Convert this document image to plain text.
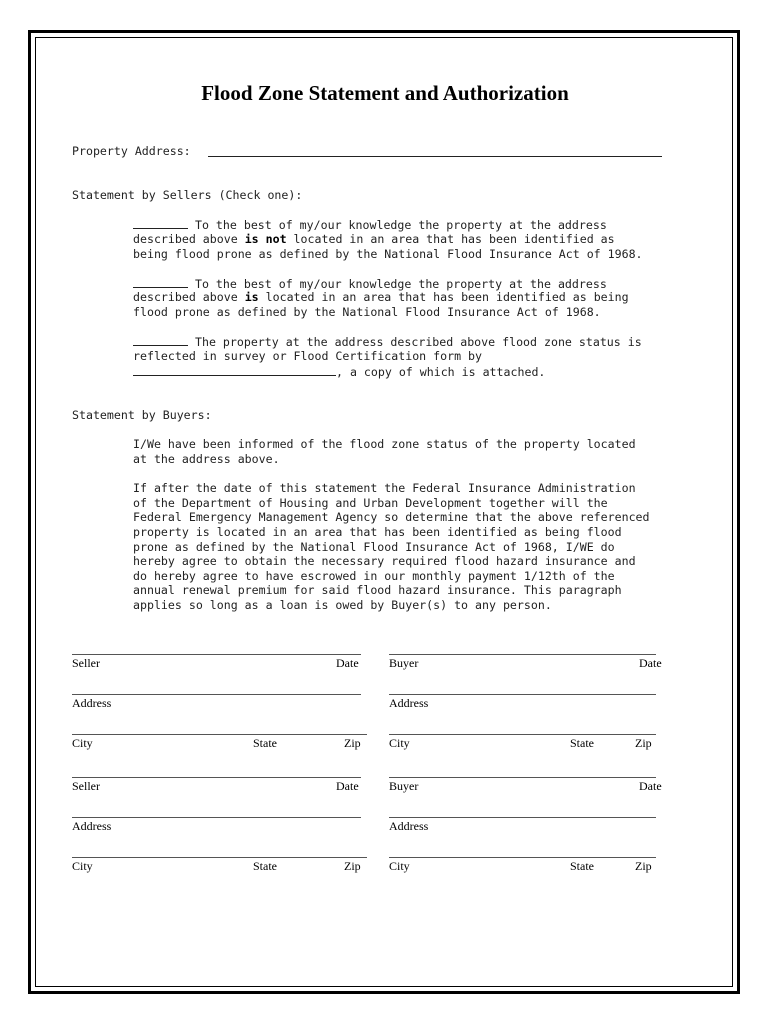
Flood Zone Statement and Authorization
Property Address:
Statement by Sellers (Check one):
To the best of my/our knowledge the property at the address
described above is not located in an area that has been identified as
being flood prone as defined by the National Flood Insurance Act of 1968.
To the best of my/our knowledge the property at the address
described above is located in an area that has been identified as being
flood prone as defined by the National Flood Insurance Act of 1968.
The property at the address described above flood zone status is
reflected in survey or Flood Certification form by
, a copy of which is attached.
Statement by Buyers:
I/We have been informed of the flood zone status of the property located
at the address above.
If after the date of this statement the Federal Insurance Administration
of the Department of Housing and Urban Development together will the
Federal Emergency Management Agency so determine that the above referenced
property is located in an area that has been identified as being flood
prone as defined by the National Flood Insurance Act of 1968, I/WE do
hereby agree to obtain the necessary required flood hazard insurance and
do hereby agree to have escrowed in our monthly payment 1/12th of the
annual renewal premium for said flood hazard insurance. This paragraph
applies so long as a loan is owed by Buyer(s) to any person.
Seller	Date	Buyer	Date
Address	Address
City	State	Zip City	State	Zip
Seller	Date	Buyer	Date
Address	Address
City	State	Zip City	State	Zip
